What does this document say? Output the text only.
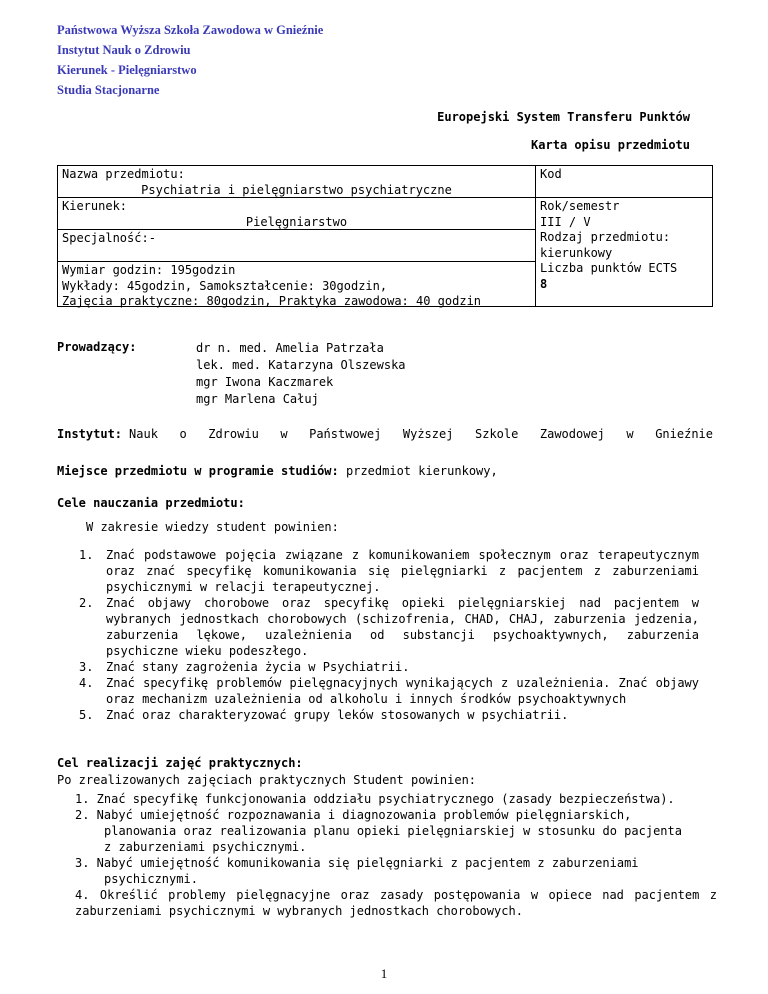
Państwowa Wyższa Szkoła Zawodowa w Gnieźnie
Instytut Nauk o Zdrowiu
Kierunek - Pielęgniarstwo
Studia Stacjonarne
Europejski System Transferu Punktów
Karta opisu przedmiotu
Nazwa przedmiotu:
Psychiatria i pielęgniarstwo psychiatryczne
Kierunek:
Pielęgniarstwo
Specjalność:-
Wymiar godzin: 195godzin
Wykłady: 45godzin, Samokształcenie: 30godzin,
Zajęcia praktyczne: 80godzin, Praktyka zawodowa: 40 godzin
Kod
Rok/semestr
III / V
Rodzaj przedmiotu:
kierunkowy
Liczba punktów ECTS
8
Prowadzący:	dr n. med. Amelia Patrzała
lek. med. Katarzyna Olszewska
mgr Iwona Kaczmarek
mgr Marlena Całuj
Instytut: Nauk o Zdrowiu w Państwowej Wyższej Szkole Zawodowej w Gnieźnie
Miejsce przedmiotu w programie studiów: przedmiot kierunkowy,
Cele nauczania przedmiotu:
W zakresie wiedzy student powinien:
1. Znać podstawowe pojęcia związane z komunikowaniem społecznym oraz terapeutycznym oraz znać specyfikę komunikowania się pielęgniarki z pacjentem z zaburzeniami psychicznymi w relacji terapeutycznej.
2. Znać objawy chorobowe oraz specyfikę opieki pielęgniarskiej nad pacjentem w wybranych jednostkach chorobowych (schizofrenia, CHAD, CHAJ, zaburzenia jedzenia, zaburzenia lękowe, uzależnienia od substancji psychoaktywnych, zaburzenia psychiczne wieku podeszłego.
3. Znać stany zagrożenia życia w Psychiatrii.
4. Znać specyfikę problemów pielęgnacyjnych wynikających z uzależnienia. Znać objawy oraz mechanizm uzależnienia od alkoholu i innych środków psychoaktywnych
5. Znać oraz charakteryzować grupy leków stosowanych w psychiatrii.
Cel realizacji zajęć praktycznych:
Po zrealizowanych zajęciach praktycznych Student powinien:
1. Znać specyfikę funkcjonowania oddziału psychiatrycznego (zasady bezpieczeństwa).
2. Nabyć umiejętność rozpoznawania i diagnozowania problemów pielęgniarskich,
planowania oraz realizowania planu opieki pielęgniarskiej w stosunku do pacjenta
z zaburzeniami psychicznymi.
3. Nabyć umiejętność komunikowania się pielęgniarki z pacjentem z zaburzeniami
psychicznymi.
4. Określić problemy pielęgnacyjne oraz zasady postępowania w opiece nad pacjentem z
zaburzeniami psychicznymi w wybranych jednostkach chorobowych.
1
